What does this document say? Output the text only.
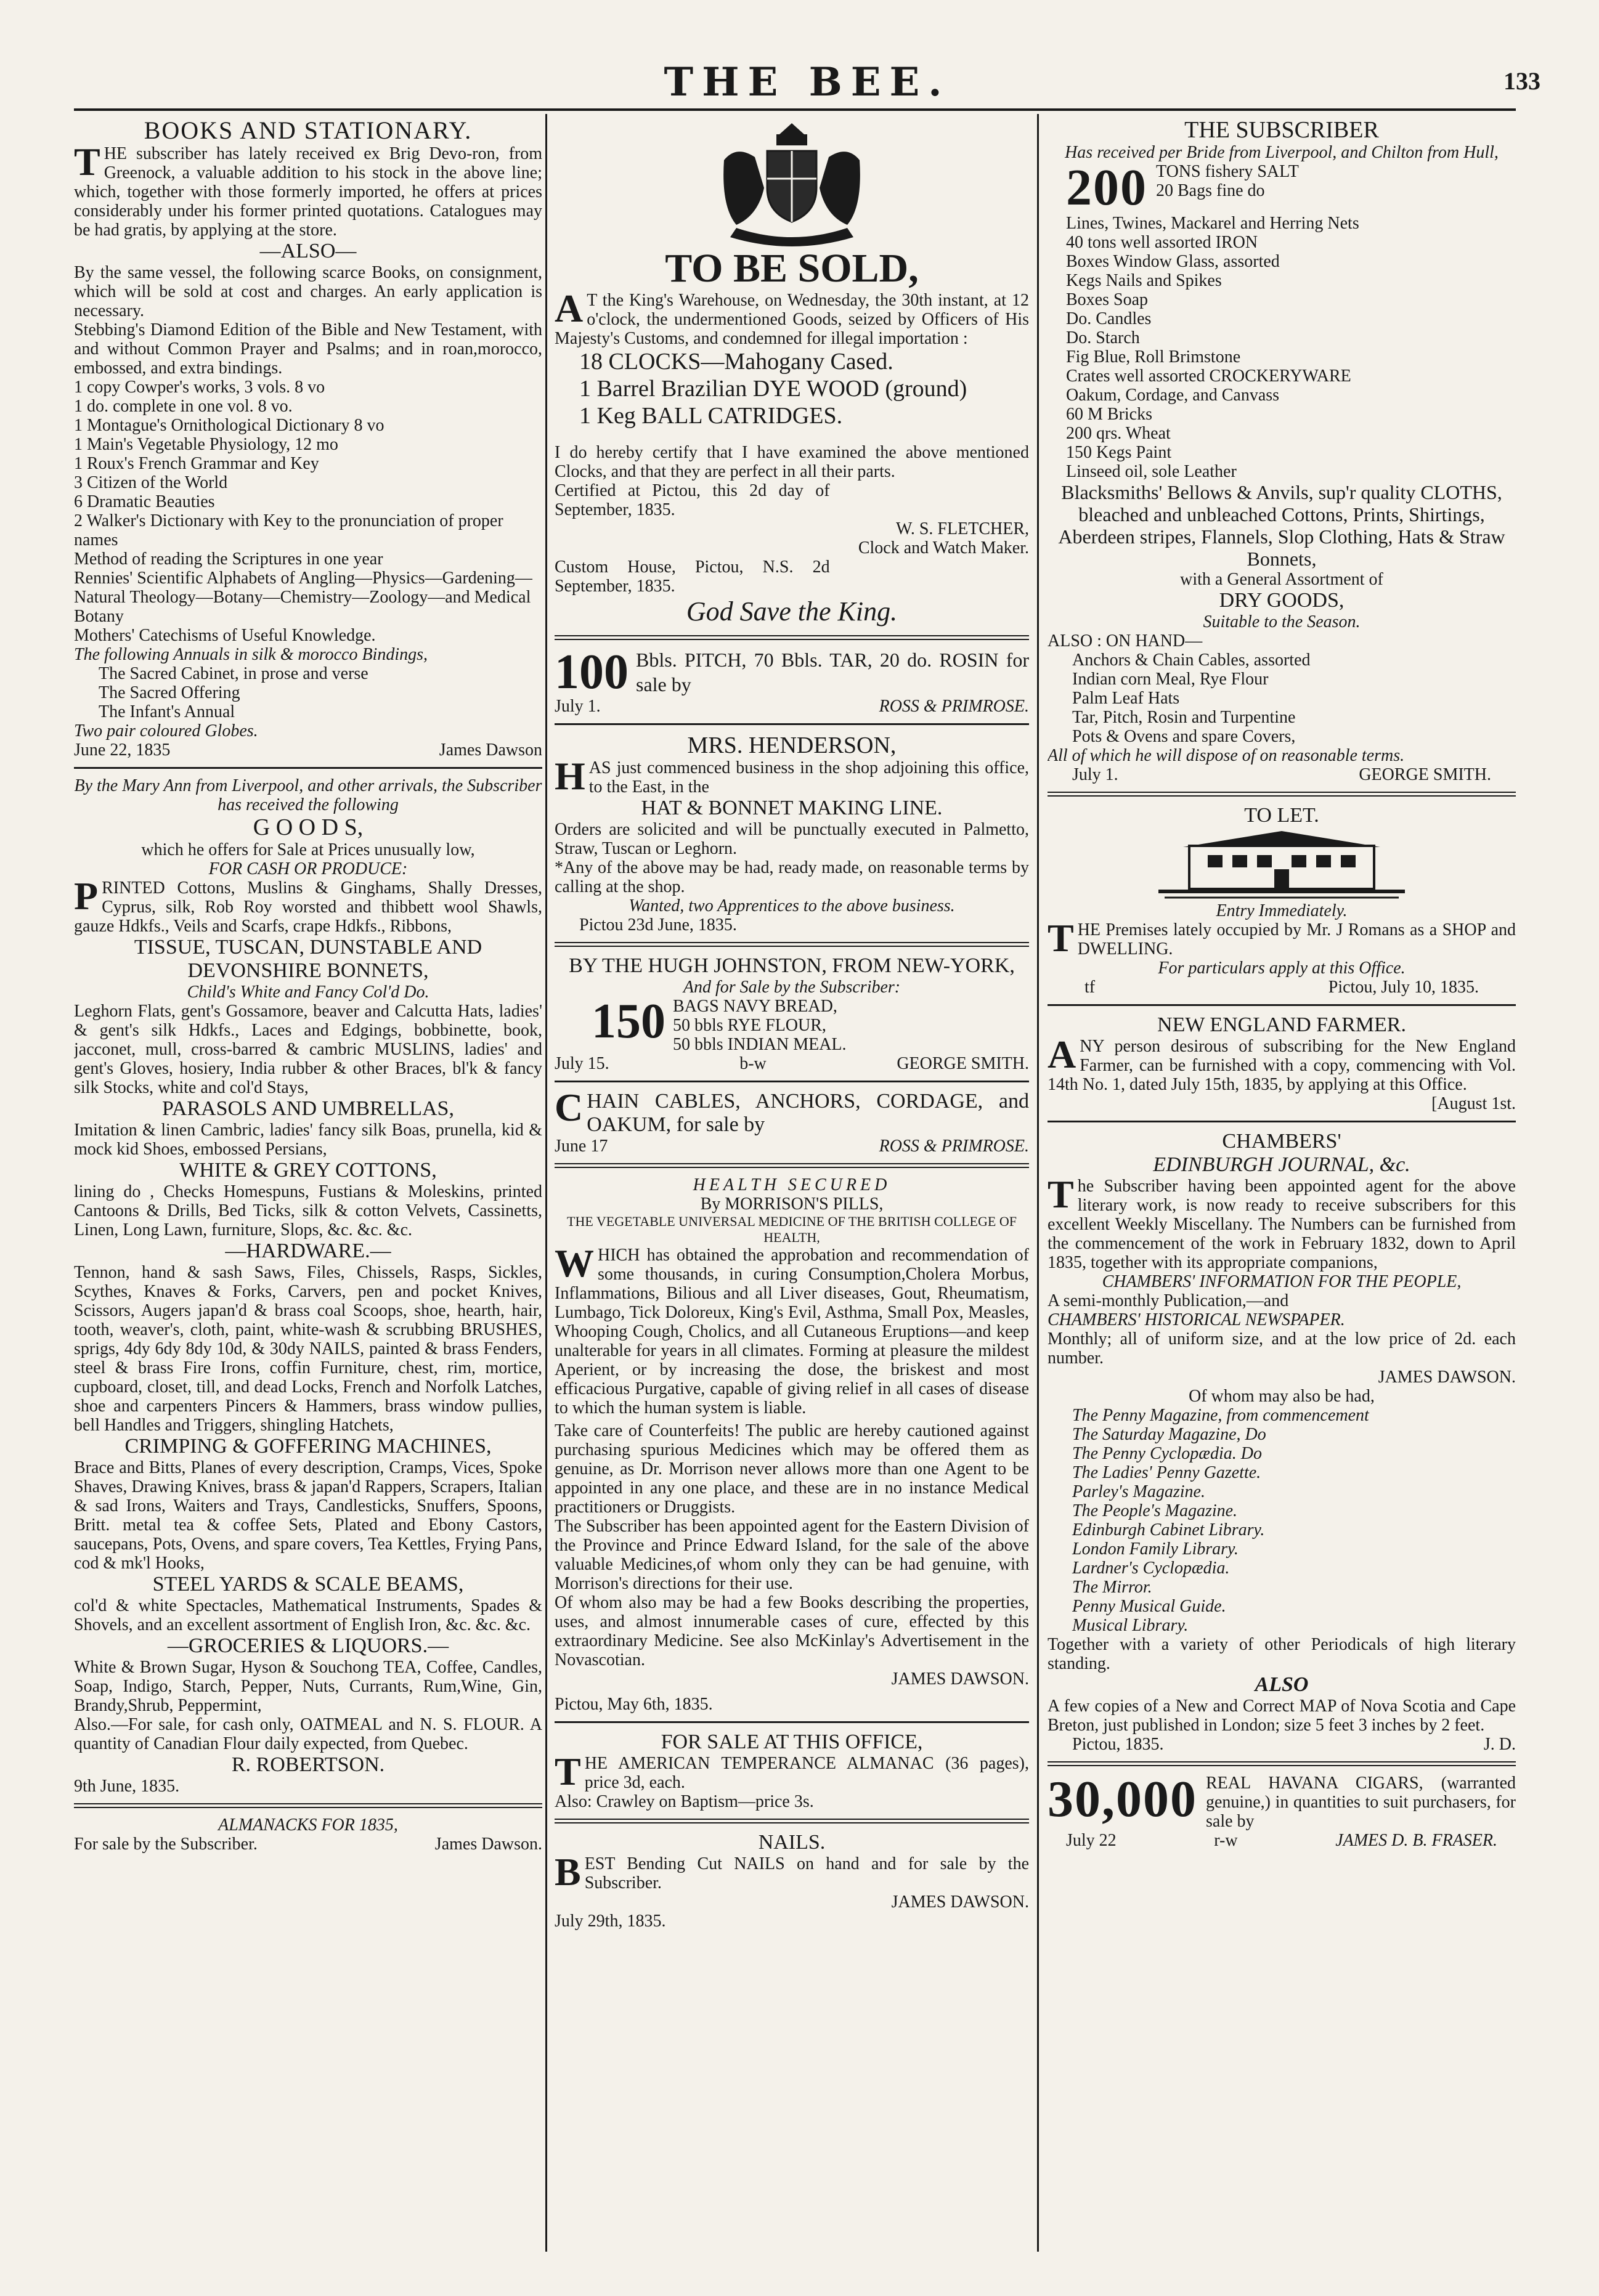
THE BEE.	133

BOOKS AND STATIONARY.

THE subscriber has lately received ex Brig Devo-ron, from Greenock, a valuable addition to his stock in the above line; which, together with those formerly imported, he offers at prices considerably under his former printed quotations. Catalogues may be had gratis, by applying at the store.

—ALSO—

By the same vessel, the following scarce Books, on consignment, which will be sold at cost and charges. An early application is necessary.

Stebbing's Diamond Edition of the Bible and New Testament, with and without Common Prayer and Psalms; and in roan,morocco, embossed, and extra bindings.

1 copy Cowper's works, 3 vols. 8 vo

1 do. complete in one vol. 8 vo.

1 Montague's Ornithological Dictionary 8 vo

1 Main's Vegetable Physiology, 12 mo

1 Roux's French Grammar and Key

3 Citizen of the World

6 Dramatic Beauties

2 Walker's Dictionary with Key to the pronunciation of proper names

Method of reading the Scriptures in one year

Rennies' Scientific Alphabets of Angling—Physics—Gardening—Natural Theology—Botany—Chemistry—Zoology—and Medical Botany

Mothers' Catechisms of Useful Knowledge.

The following Annuals in silk & morocco Bindings,

The Sacred Cabinet, in prose and verse

The Sacred Offering

The Infant's Annual

Two pair coloured Globes.

June 22, 1835	James Dawson

By the Mary Ann from Liverpool, and other arrivals, the Subscriber has received the following

G O O D S,

which he offers for Sale at Prices unusually low,

FOR CASH OR PRODUCE:

PRINTED Cottons, Muslins & Ginghams, Shally Dresses, Cyprus, silk, Rob Roy worsted and thibbett wool Shawls, gauze Hdkfs., Veils and Scarfs, crape Hdkfs., Ribbons,

TISSUE, TUSCAN, DUNSTABLE AND DEVONSHIRE BONNETS,

Child's White and Fancy Col'd Do.

Leghorn Flats, gent's Gossamore, beaver and Calcutta Hats, ladies' & gent's silk Hdkfs., Laces and Edgings, bobbinette, book, jacconet, mull, cross-barred & cambric MUSLINS, ladies' and gent's Gloves, hosiery, India rubber & other Braces, bl'k & fancy silk Stocks, white and col'd Stays,

PARASOLS AND UMBRELLAS,

Imitation & linen Cambric, ladies' fancy silk Boas, prunella, kid & mock kid Shoes, embossed Persians,

WHITE & GREY COTTONS,

lining do , Checks Homespuns, Fustians & Moleskins, printed Cantoons & Drills, Bed Ticks, silk & cotton Velvets, Cassinetts, Linen, Long Lawn, furniture, Slops, &c. &c. &c.

—HARDWARE.—

Tennon, hand & sash Saws, Files, Chissels, Rasps, Sickles, Scythes, Knaves & Forks, Carvers, pen and pocket Knives, Scissors, Augers japan'd & brass coal Scoops, shoe, hearth, hair, tooth, weaver's, cloth, paint, white-wash & scrubbing BRUSHES, sprigs, 4dy 6dy 8dy 10d, & 30dy NAILS, painted & brass Fenders, steel & brass Fire Irons, coffin Furniture, chest, rim, mortice, cupboard, closet, till, and dead Locks, French and Norfolk Latches, shoe and carpenters Pincers & Hammers, brass window pullies, bell Handles and Triggers, shingling Hatchets,

CRIMPING & GOFFERING MACHINES,

Brace and Bitts, Planes of every description, Cramps, Vices, Spoke Shaves, Drawing Knives, brass & japan'd Rappers, Scrapers, Italian & sad Irons, Waiters and Trays, Candlesticks, Snuffers, Spoons, Britt. metal tea & coffee Sets, Plated and Ebony Castors, saucepans, Pots, Ovens, and spare covers, Tea Kettles, Frying Pans, cod & mk'l Hooks,

STEEL YARDS & SCALE BEAMS,

col'd & white Spectacles, Mathematical Instruments, Spades & Shovels, and an excellent assortment of English Iron, &c. &c. &c.

—GROCERIES & LIQUORS.—

White & Brown Sugar, Hyson & Souchong TEA, Coffee, Candles, Soap, Indigo, Starch, Pepper, Nuts, Currants, Rum,Wine, Gin, Brandy,Shrub, Peppermint,

Also.—For sale, for cash only, OATMEAL and N. S. FLOUR. A quantity of Canadian Flour daily expected, from Quebec.

R. ROBERTSON.

9th June, 1835.

ALMANACKS FOR 1835,

For sale by the Subscriber.	James Dawson.

TO BE SOLD,

A T the King's Warehouse, on Wednesday, the 30th instant, at 12 o'clock, the undermentioned Goods, seized by Officers of His Majesty's Customs, and condemned for illegal importation :

18 CLOCKS—Mahogany Cased.

1 Barrel Brazilian DYE WOOD (ground)

1 Keg BALL CATRIDGES.

I do hereby certify that I have examined the above mentioned Clocks, and that they are perfect in all their parts.

Certified at Pictou, this 2d day of September, 1835.

W. S. FLETCHER,

Clock and Watch Maker.

Custom House, Pictou, N.S. 2d September, 1835.

God Save the King.

100 Bbls. PITCH, 70 Bbls. TAR, 20 do. ROSIN for sale by

July 1.	ROSS & PRIMROSE.

MRS. HENDERSON,

HAS just commenced business in the shop adjoining this office, to the East, in the

HAT & BONNET MAKING LINE.

Orders are solicited and will be punctually executed in Palmetto, Straw, Tuscan or Leghorn.

*Any of the above may be had, ready made, on reasonable terms by calling at the shop.

Wanted, two Apprentices to the above business.

Pictou 23d June, 1835.

BY THE HUGH JOHNSTON, FROM NEW-YORK,

And for Sale by the Subscriber:

150 BAGS NAVY BREAD,

50 bbls RYE FLOUR,

50 bbls INDIAN MEAL.

July 15.	b-w	GEORGE SMITH.

CHAIN CABLES, ANCHORS, CORDAGE, and OAKUM, for sale by

June 17	ROSS & PRIMROSE.

HEALTH SECURED

By MORRISON'S PILLS,

THE VEGETABLE UNIVERSAL MEDICINE OF THE BRITISH COLLEGE OF HEALTH,

WHICH has obtained the approbation and recommendation of some thousands, in curing Consumption,Cholera Morbus, Inflammations, Bilious and all Liver diseases, Gout, Rheumatism, Lumbago, Tick Doloreux, King's Evil, Asthma, Small Pox, Measles, Whooping Cough, Cholics, and all Cutaneous Eruptions—and keep unalterable for years in all climates. Forming at pleasure the mildest Aperient, or by increasing the dose, the briskest and most efficacious Purgative, capable of giving relief in all cases of disease to which the human system is liable.

Take care of Counterfeits! The public are hereby cautioned against purchasing spurious Medicines which may be offered them as genuine, as Dr. Morrison never allows more than one Agent to be appointed in any one place, and these are in no instance Medical practitioners or Druggists.

The Subscriber has been appointed agent for the Eastern Division of the Province and Prince Edward Island, for the sale of the above valuable Medicines,of whom only they can be had genuine, with Morrison's directions for their use.

Of whom also may be had a few Books describing the properties, uses, and almost innumerable cases of cure, effected by this extraordinary Medicine. See also McKinlay's Advertisement in the Novascotian.

JAMES DAWSON.

Pictou, May 6th, 1835.

FOR SALE AT THIS OFFICE,

THE AMERICAN TEMPERANCE ALMANAC (36 pages), price 3d, each.

Also: Crawley on Baptism—price 3s.

NAILS.

BEST Bending Cut NAILS on hand and for sale by the Subscriber.

JAMES DAWSON.

July 29th, 1835.

THE SUBSCRIBER

Has received per Bride from Liverpool, and Chilton from Hull,

200 TONS fishery SALT

20 Bags fine do

Lines, Twines, Mackarel and Herring Nets

40 tons well assorted IRON

Boxes Window Glass, assorted

Kegs Nails and Spikes

Boxes Soap

Do. Candles

Do. Starch

Fig Blue, Roll Brimstone

Crates well assorted CROCKERYWARE

Oakum, Cordage, and Canvass

60 M Bricks

200 qrs. Wheat

150 Kegs Paint

Linseed oil, sole Leather

Blacksmiths' Bellows & Anvils, sup'r quality CLOTHS, bleached and unbleached Cottons, Prints, Shirtings, Aberdeen stripes, Flannels, Slop Clothing, Hats & Straw Bonnets,

with a General Assortment of

DRY GOODS,

Suitable to the Season.

ALSO : ON HAND—

Anchors & Chain Cables, assorted

Indian corn Meal, Rye Flour

Palm Leaf Hats

Tar, Pitch, Rosin and Turpentine

Pots & Ovens and spare Covers,

All of which he will dispose of on reasonable terms.

July 1.	GEORGE SMITH.

TO LET.

Entry Immediately.

THE Premises lately occupied by Mr. J Romans as a SHOP and DWELLING.

For particulars apply at this Office.

tf	Pictou, July 10, 1835.

NEW ENGLAND FARMER.

ANY person desirous of subscribing for the New England Farmer, can be furnished with a copy, commencing with Vol. 14th No. 1, dated July 15th, 1835, by applying at this Office.

[August 1st.

CHAMBERS'

EDINBURGH JOURNAL, &c.

The Subscriber having been appointed agent for the above literary work, is now ready to receive subscribers for this excellent Weekly Miscellany. The Numbers can be furnished from the commencement of the work in February 1832, down to April 1835, together with its appropriate companions,

CHAMBERS' INFORMATION FOR THE PEOPLE,

A semi-monthly Publication,—and

CHAMBERS' HISTORICAL NEWSPAPER.

Monthly; all of uniform size, and at the low price of 2d. each number.

JAMES DAWSON.

Of whom may also be had,

The Penny Magazine, from commencement

The Saturday Magazine, Do

The Penny Cyclopædia. Do

The Ladies' Penny Gazette.

Parley's Magazine.

The People's Magazine.

Edinburgh Cabinet Library.

London Family Library.

Lardner's Cyclopædia.

The Mirror.

Penny Musical Guide.

Musical Library.

Together with a variety of other Periodicals of high literary standing.

ALSO

A few copies of a New and Correct MAP of Nova Scotia and Cape Breton, just published in London; size 5 feet 3 inches by 2 feet.

Pictou, 1835.	J. D.

30,000 REAL HAVANA CIGARS, (warranted genuine,) in quantities to suit purchasers, for sale by

July 22	r-w	JAMES D. B. FRASER.
